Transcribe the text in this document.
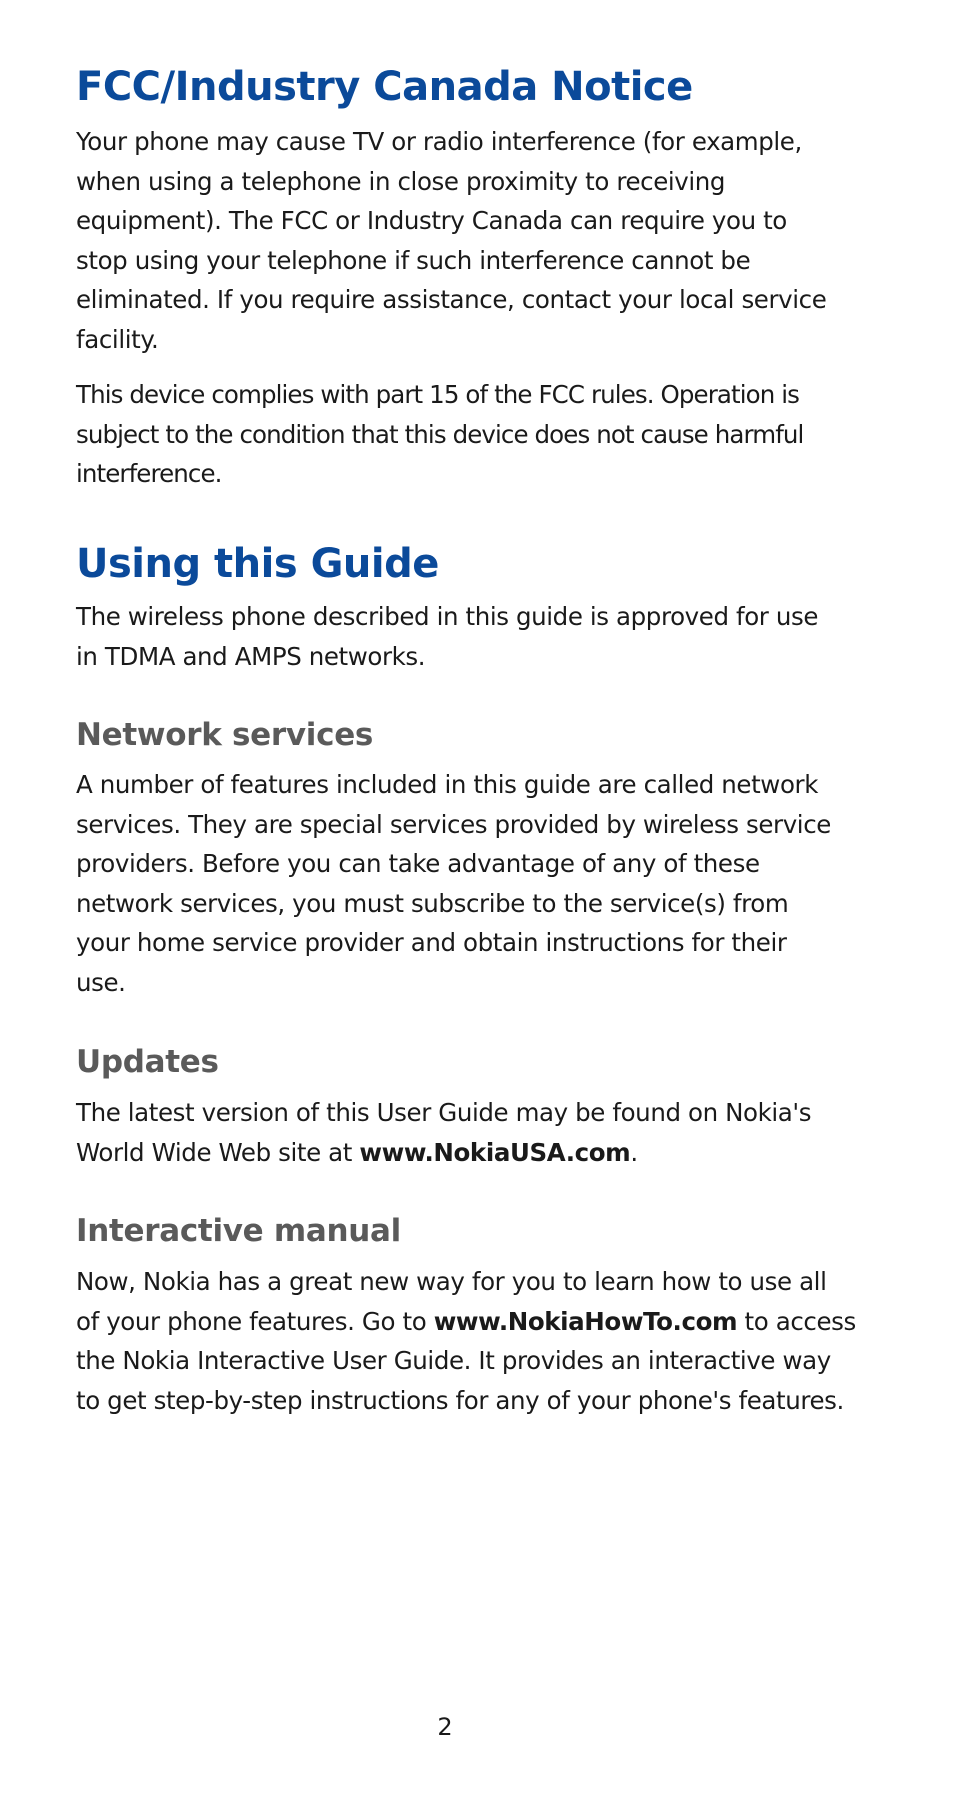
FCC/Industry Canada Notice

Your phone may cause TV or radio interference (for example, when using a telephone in close proximity to receiving equipment). The FCC or Industry Canada can require you to stop using your telephone if such interference cannot be eliminated. If you require assistance, contact your local service facility.

This device complies with part 15 of the FCC rules. Operation is subject to the condition that this device does not cause harmful interference.

Using this Guide

The wireless phone described in this guide is approved for use in TDMA and AMPS networks.

Network services

A number of features included in this guide are called network services. They are special services provided by wireless service providers. Before you can take advantage of any of these network services, you must subscribe to the service(s) from your home service provider and obtain instructions for their use.

Updates

The latest version of this User Guide may be found on Nokia's World Wide Web site at www.NokiaUSA.com.

Interactive manual

Now, Nokia has a great new way for you to learn how to use all of your phone features. Go to www.NokiaHowTo.com to access the Nokia Interactive User Guide. It provides an interactive way to get step-by-step instructions for any of your phone's features.

2
